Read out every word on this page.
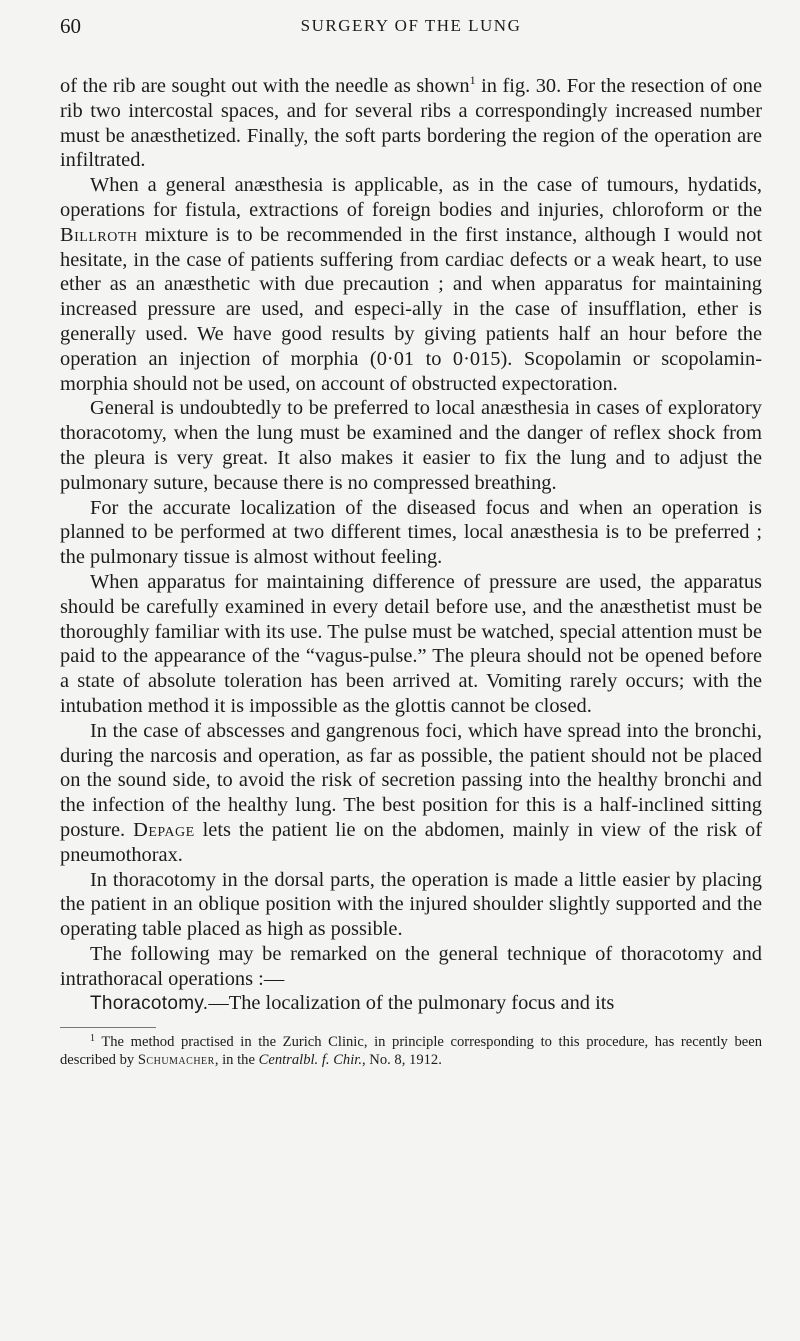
60	SURGERY OF THE LUNG

of the rib are sought out with the needle as shown$^1$ in fig. 30. For the resection of one rib two intercostal spaces, and for several ribs a correspondingly increased number must be anæsthetized. Finally, the soft parts bordering the region of the operation are infiltrated.

When a general anæsthesia is applicable, as in the case of tumours, hydatids, operations for fistula, extractions of foreign bodies and injuries, chloroform or the Billroth mixture is to be recommended in the first instance, although I would not hesitate, in the case of patients suffering from cardiac defects or a weak heart, to use ether as an anæsthetic with due precaution ; and when apparatus for maintaining increased pressure are used, and especi-ally in the case of insufflation, ether is generally used. We have good results by giving patients half an hour before the operation an injection of morphia (0·01 to 0·015). Scopolamin or scopolamin-morphia should not be used, on account of obstructed expectoration.

General is undoubtedly to be preferred to local anæsthesia in cases of exploratory thoracotomy, when the lung must be examined and the danger of reflex shock from the pleura is very great. It also makes it easier to fix the lung and to adjust the pulmonary suture, because there is no compressed breathing.

For the accurate localization of the diseased focus and when an operation is planned to be performed at two different times, local anæsthesia is to be preferred ; the pulmonary tissue is almost without feeling.

When apparatus for maintaining difference of pressure are used, the apparatus should be carefully examined in every detail before use, and the anæsthetist must be thoroughly familiar with its use. The pulse must be watched, special attention must be paid to the appearance of the “vagus-pulse.” The pleura should not be opened before a state of absolute toleration has been arrived at. Vomiting rarely occurs; with the intubation method it is impossible as the glottis cannot be closed.

In the case of abscesses and gangrenous foci, which have spread into the bronchi, during the narcosis and operation, as far as possible, the patient should not be placed on the sound side, to avoid the risk of secretion passing into the healthy bronchi and the infection of the healthy lung. The best position for this is a half-inclined sitting posture. Depage lets the patient lie on the abdomen, mainly in view of the risk of pneumothorax.

In thoracotomy in the dorsal parts, the operation is made a little easier by placing the patient in an oblique position with the injured shoulder slightly supported and the operating table placed as high as possible.

The following may be remarked on the general technique of thoracotomy and intrathoracal operations :—

Thoracotomy.—The localization of the pulmonary focus and its

$^1$ The method practised in the Zurich Clinic, in principle corresponding to this procedure, has recently been described by Schumacher, in the Centralbl. f. Chir., No. 8, 1912.
